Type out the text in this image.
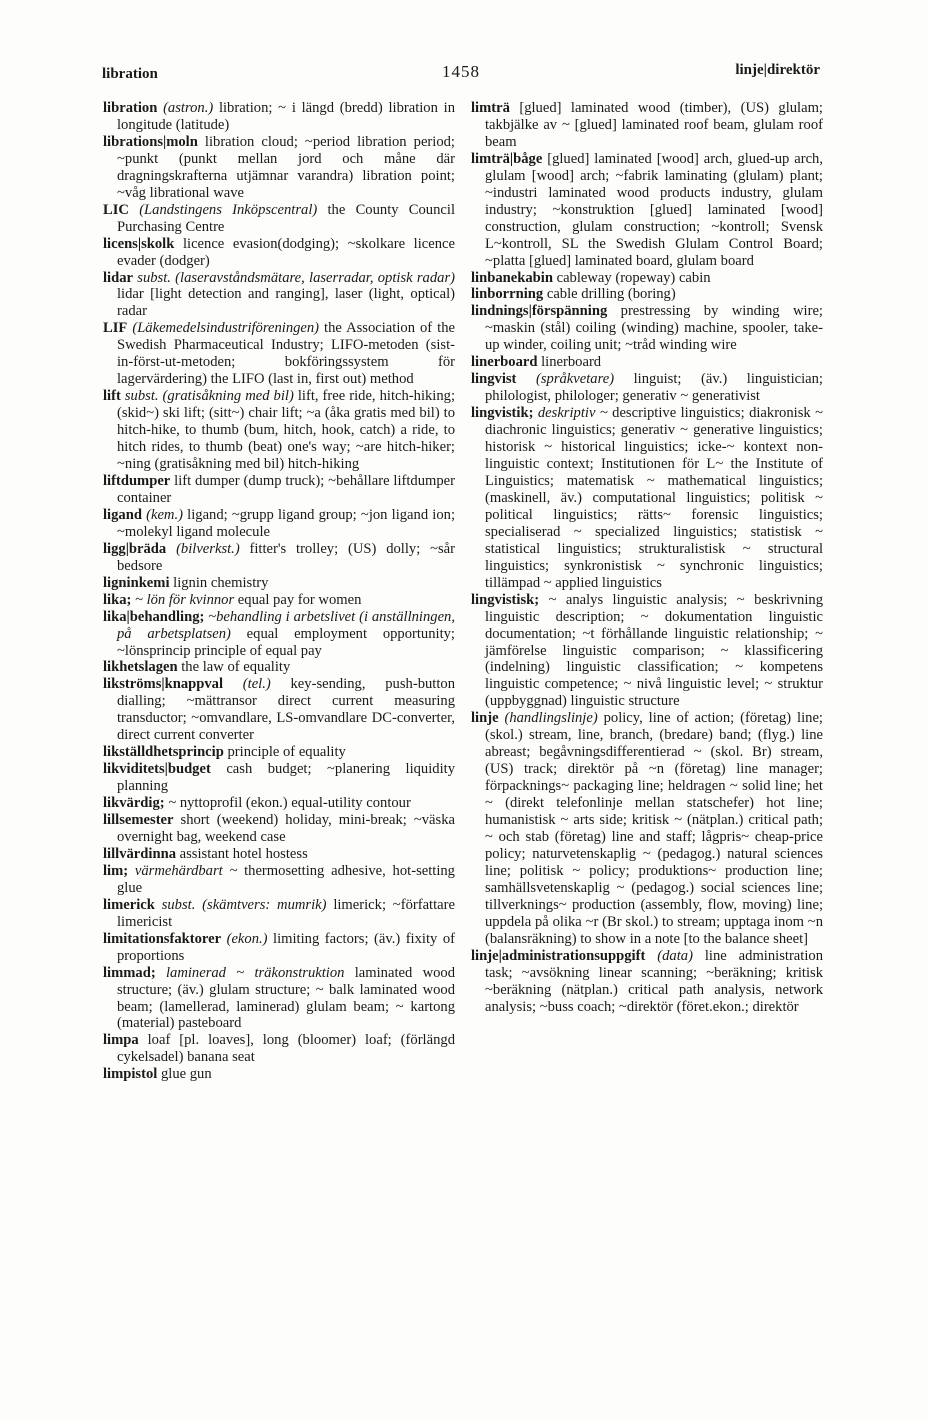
libration	1458	linje|direktör
libration (astron.) libration; ~ i längd (bredd) libration in longitude (latitude)
librations|moln libration cloud; ~period libration period; ~punkt (punkt mellan jord och måne där dragningskrafterna utjämnar varandra) libration point; ~våg librational wave
LIC (Landstingens Inköpscentral) the County Council Purchasing Centre
licens|skolk licence evasion(dodging); ~skolkare licence evader (dodger)
lidar subst. (laseravståndsmätare, laserradar, optisk radar) lidar [light detection and ranging], laser (light, optical) radar
LIF (Läkemedelsindustriföreningen) the Association of the Swedish Pharmaceutical Industry; LIFO-metoden (sist-in-först-ut-metoden; bokföringssystem för lagervärdering) the LIFO (last in, first out) method
lift subst. (gratisåkning med bil) lift, free ride, hitch-hiking; (skid~) ski lift; (sitt~) chair lift; ~a (åka gratis med bil) to hitch-hike, to thumb (bum, hitch, hook, catch) a ride, to hitch rides, to thumb (beat) one's way; ~are hitch-hiker; ~ning (gratisåkning med bil) hitch-hiking
liftdumper lift dumper (dump truck); ~behållare liftdumper container
ligand (kem.) ligand; ~grupp ligand group; ~jon ligand ion; ~molekyl ligand molecule
ligg|bräda (bilverkst.) fitter's trolley; (US) dolly; ~sår bedsore
ligninkemi lignin chemistry
lika; ~ lön för kvinnor equal pay for women
lika|behandling; ~behandling i arbetslivet (i anställningen, på arbetsplatsen) equal employment opportunity; ~lönsprincip principle of equal pay
likhetslagen the law of equality
likströms|knappval (tel.) key-sending, push-button dialling; ~mättransor direct current measuring transductor; ~omvandlare, LS-omvandlare DC-converter, direct current converter
likställdhetsprincip principle of equality
likviditets|budget cash budget; ~planering liquidity planning
likvärdig; ~ nyttoprofil (ekon.) equal-utility contour
lillsemester short (weekend) holiday, mini-break; ~väska overnight bag, weekend case
lillvärdinna assistant hotel hostess
lim; värmehärdbart ~ thermosetting adhesive, hot-setting glue
limerick subst. (skämtvers: mumrik) limerick; ~författare limericist
limitationsfaktorer (ekon.) limiting factors; (äv.) fixity of proportions
limmad; laminerad ~ träkonstruktion laminated wood structure; (äv.) glulam structure; ~ balk laminated wood beam; (lamellerad, laminerad) glulam beam; ~ kartong (material) pasteboard
limpa loaf [pl. loaves], long (bloomer) loaf; (förlängd cykelsadel) banana seat
limpistol glue gun
limträ [glued] laminated wood (timber), (US) glulam; takbjälke av ~ [glued] laminated roof beam, glulam roof beam
limträ|båge [glued] laminated [wood] arch, glued-up arch, glulam [wood] arch; ~fabrik laminating (glulam) plant; ~industri laminated wood products industry, glulam industry; ~konstruktion [glued] laminated [wood] construction, glulam construction; ~kontroll; Svensk L~kontroll, SL the Swedish Glulam Control Board; ~platta [glued] laminated board, glulam board
linbanekabin cableway (ropeway) cabin
linborrning cable drilling (boring)
lindnings|förspänning prestressing by winding wire; ~maskin (stål) coiling (winding) machine, spooler, take-up winder, coiling unit; ~tråd winding wire
linerboard linerboard
lingvist (språkvetare) linguist; (äv.) linguistician; philologist, philologer; generativ ~ generativist
lingvistik; deskriptiv ~ descriptive linguistics; diakronisk ~ diachronic linguistics; generativ ~ generative linguistics; historisk ~ historical linguistics; icke-~ kontext non-linguistic context; Institutionen för L~ the Institute of Linguistics; matematisk ~ mathematical linguistics; (maskinell, äv.) computational linguistics; politisk ~ political linguistics; rätts~ forensic linguistics; specialiserad ~ specialized linguistics; statistisk ~ statistical linguistics; strukturalistisk ~ structural linguistics; synkronistisk ~ synchronic linguistics; tillämpad ~ applied linguistics
lingvistisk; ~ analys linguistic analysis; ~ beskrivning linguistic description; ~ dokumentation linguistic documentation; ~t förhållande linguistic relationship; ~ jämförelse linguistic comparison; ~ klassificering (indelning) linguistic classification; ~ kompetens linguistic competence; ~ nivå linguistic level; ~ struktur (uppbyggnad) linguistic structure
linje (handlingslinje) policy, line of action; (företag) line; (skol.) stream, line, branch, (bredare) band; (flyg.) line abreast; begåvningsdifferentierad ~ (skol. Br) stream, (US) track; direktör på ~n (företag) line manager; förpacknings~ packaging line; heldragen ~ solid line; het ~ (direkt telefonlinje mellan statschefer) hot line; humanistisk ~ arts side; kritisk ~ (nätplan.) critical path; ~ och stab (företag) line and staff; lågpris~ cheap-price policy; naturvetenskaplig ~ (pedagog.) natural sciences line; politisk ~ policy; produktions~ production line; samhällsvetenskaplig ~ (pedagog.) social sciences line; tillverknings~ production (assembly, flow, moving) line; uppdela på olika ~r (Br skol.) to stream; upptaga inom ~n (balansräkning) to show in a note [to the balance sheet]
linje|administrationsuppgift (data) line administration task; ~avsökning linear scanning; ~beräkning; kritisk ~beräkning (nätplan.) critical path analysis, network analysis; ~buss coach; ~direktör (föret.ekon.; direktör
